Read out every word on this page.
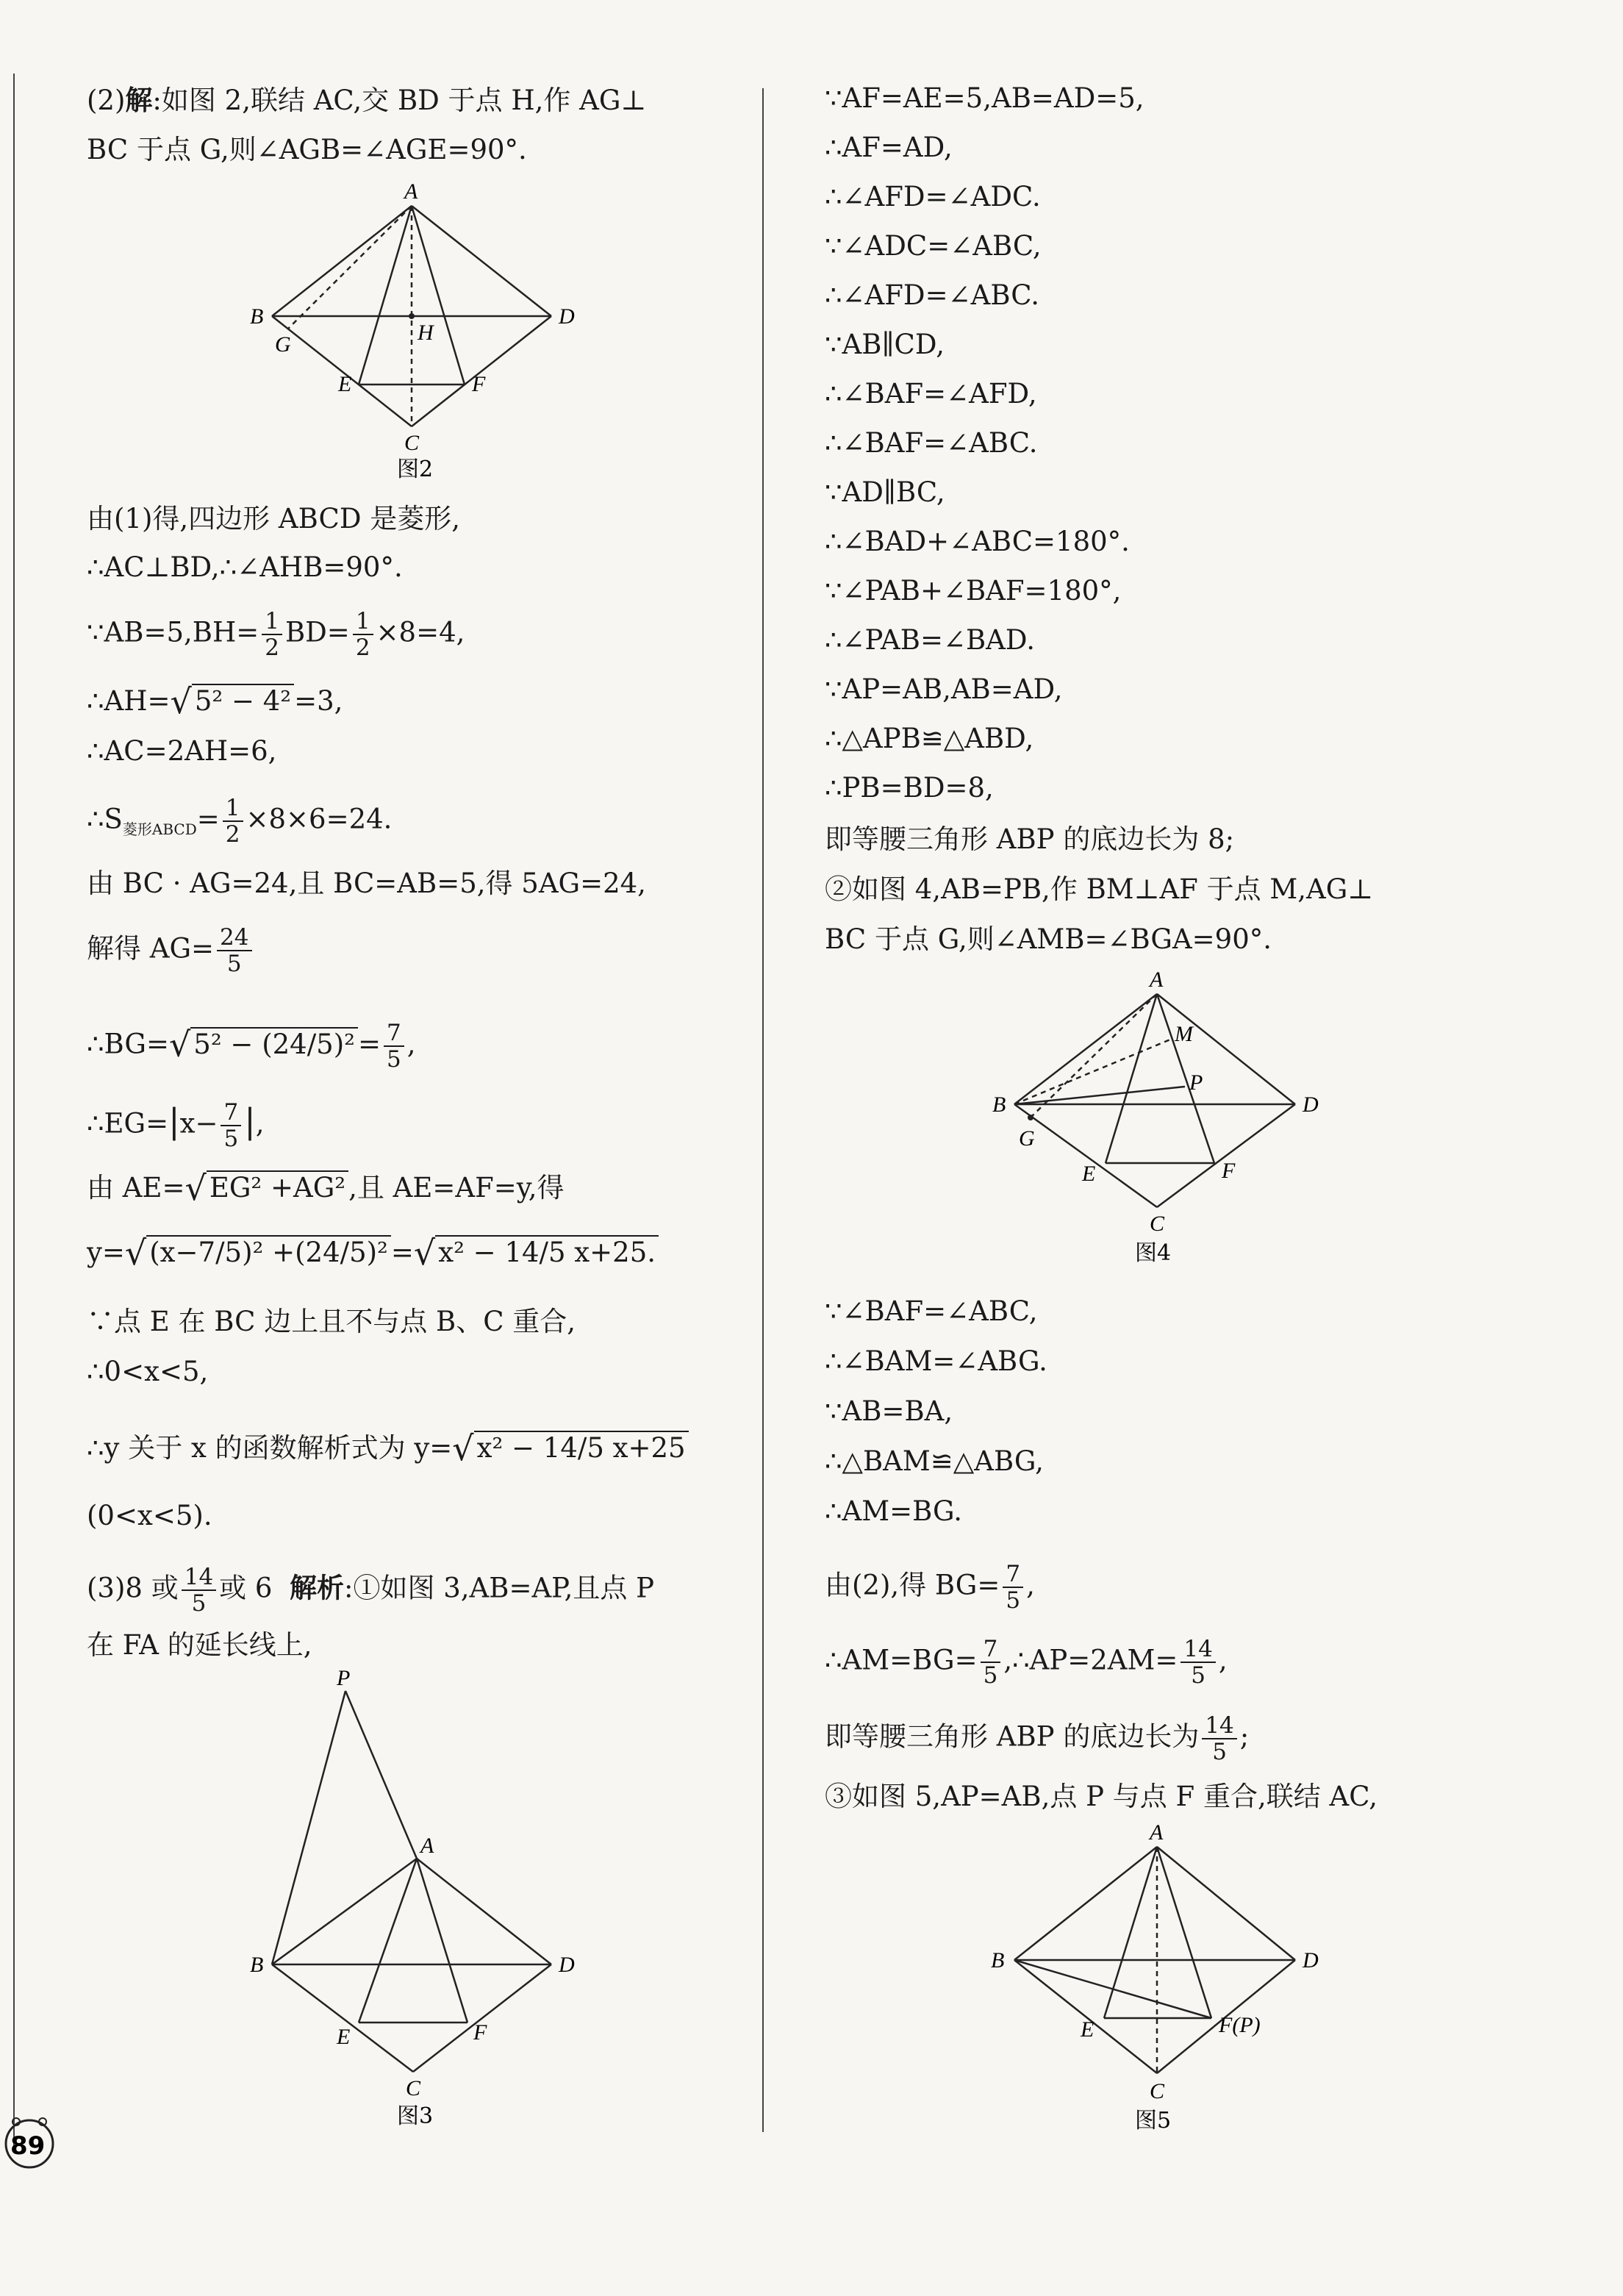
(2)解:如图 2,联结 AC,交 BD 于点 H,作 AG⊥
BC 于点 G,则∠AGB=∠AGE=90°.
A
B	D
G	H
E	F
C
图2
由(1)得,四边形 ABCD 是菱形,
∴AC⊥BD,∴∠AHB=90°.
∵AB=5,BH= $\frac{1}{2} BD= \frac{1}{2} \times 8=4$,
∴AH=√ 5² − 4² =3,
∴AC=2AH=6,
$\therefore S_{菱形ABCD}= \frac{1}{2} \times 8\times 6=24$.
由 BC · AG=24,且 BC=AB=5,得 5AG=24,
解得 $AG= \frac{24}{5}$
∴BG=√ $5^2 - (24/5)^2 = \frac{7}{5}$ ,
∴EG=|x− $\frac{7}{5}$ |,
由 AE=√ EG² +AG² ,且 AE=AF=y,得
y=√ (x−7/5)² +(24/5)² =√ x² − 14/5 x+25.
∵点 E 在 BC 边上且不与点 B、C 重合,
∴0<x<5,
∴y 关于 x 的函数解析式为 y=√ x² − 14/5 x+25
(0<x<5).
(3)8 或 $\frac{14}{5}$ 或 6 解析:①如图 3,AB=AP,且点 P
在 FA 的延长线上,
P
A
B	D
E	F
C
图3
∵AF=AE=5,AB=AD=5,
∴AF=AD,
∴∠AFD=∠ADC.
∵∠ADC=∠ABC,
∴∠AFD=∠ABC.
∵AB∥CD,
∴∠BAF=∠AFD,
∴∠BAF=∠ABC.
∵AD∥BC,
∴∠BAD+∠ABC=180°.
∵∠PAB+∠BAF=180°,
∴∠PAB=∠BAD.
∵AP=AB,AB=AD,
∴△APB≌△ABD,
∴PB=BD=8,
即等腰三角形 ABP 的底边长为 8;
②如图 4,AB=PB,作 BM⊥AF 于点 M,AG⊥
BC 于点 G,则∠AMB=∠BGA=90°.
A
M
P
B	D
G
E	F
C
图4
∵∠BAF=∠ABC,
∴∠BAM=∠ABG.
∵AB=BA,
∴△BAM≌△ABG,
∴AM=BG.
由(2),得 $BG= \frac{7}{5}$ ,
∴AM=BG= $\frac{7}{5}$ ,∴AP=2AM= $\frac{14}{5}$ ,
即等腰三角形 ABP 的底边长为 $\frac{14}{5}$ ;
③如图 5,AP=AB,点 P 与点 F 重合,联结 AC,
A
B	D
E	F(P)
C
图5
89
